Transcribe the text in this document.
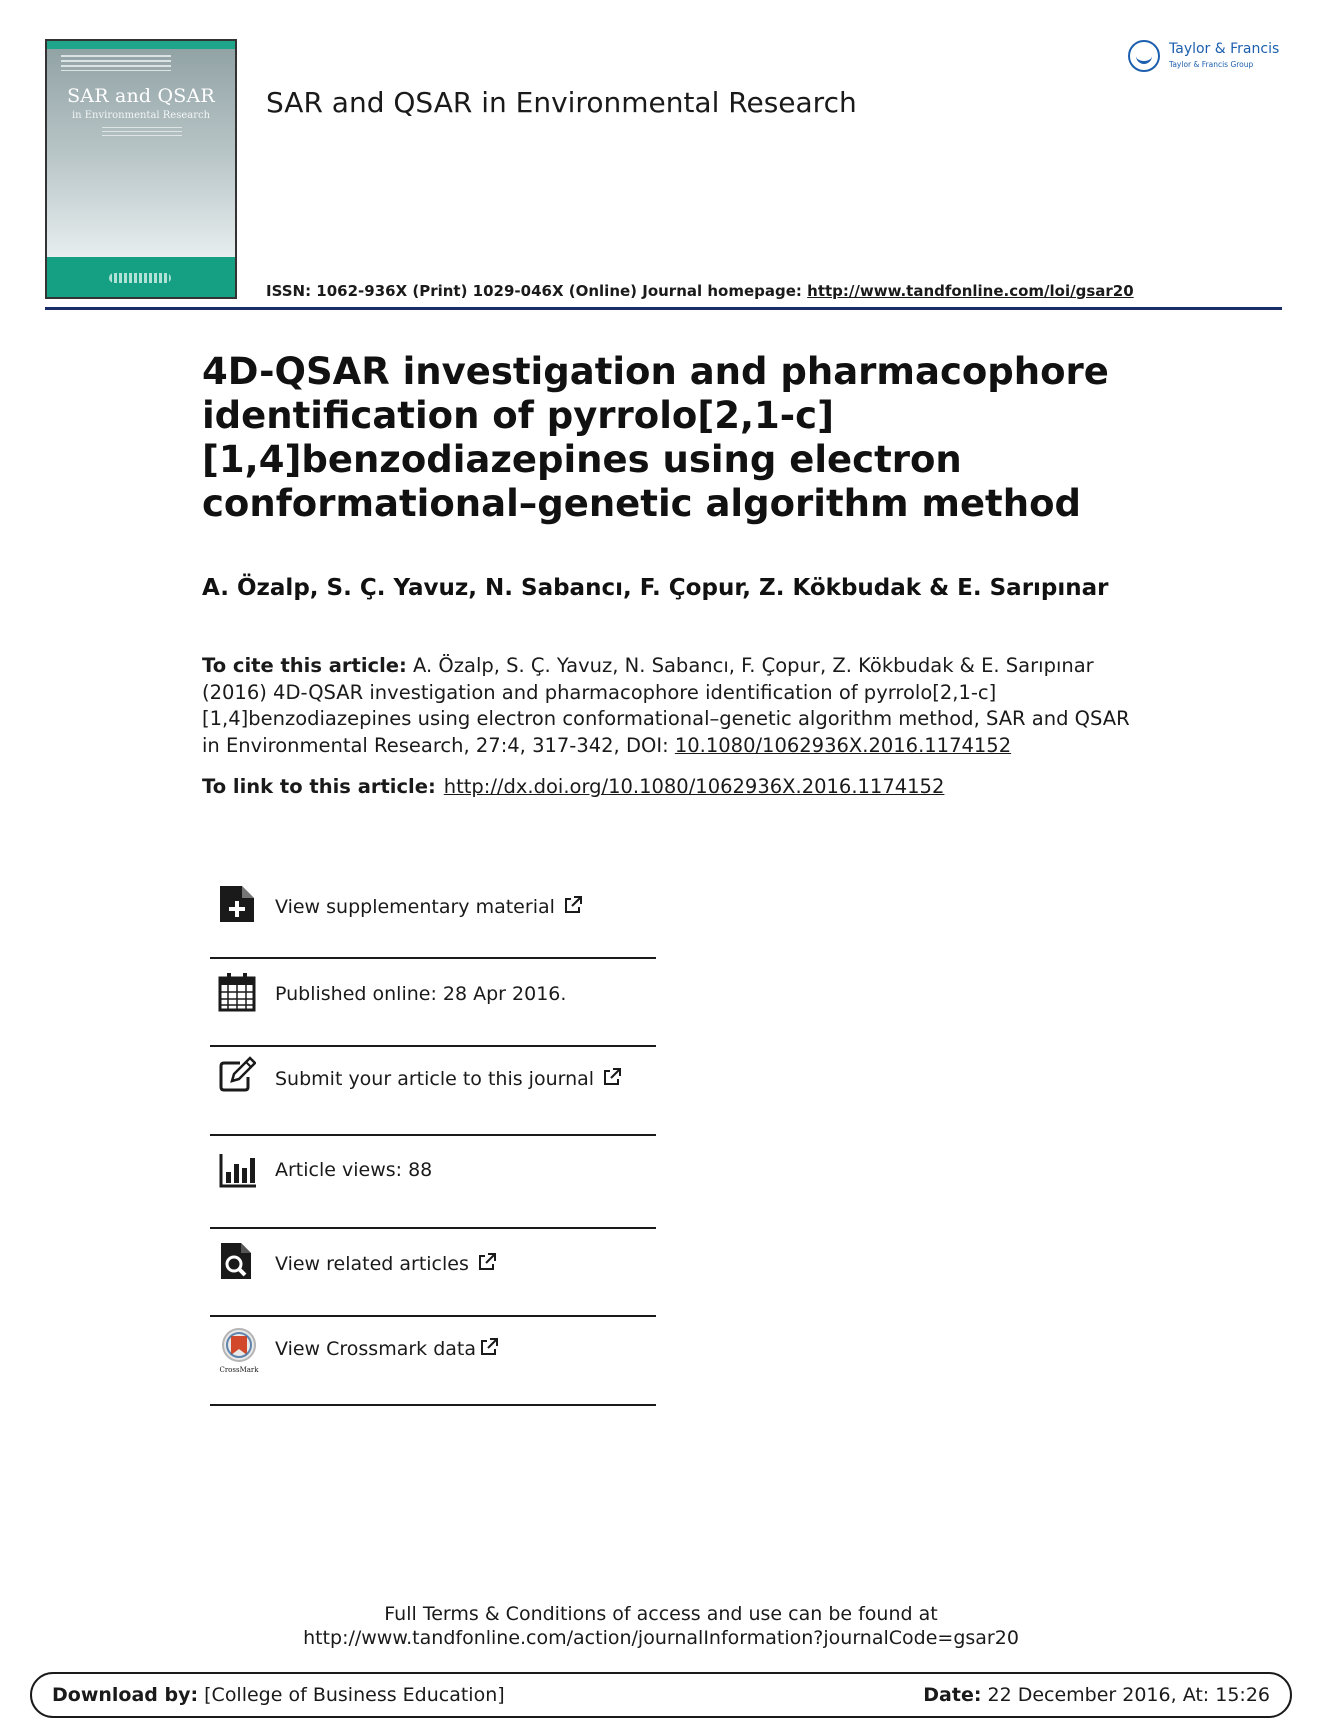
SAR and QSAR
in Environmental Research	SAR and QSAR in Environmental Research
ISSN: 1062-936X (Print) 1029-046X (Online) Journal homepage: http://www.tandfonline.com/loi/gsar20
Taylor & Francis
Taylor & Francis Group
4D-QSAR investigation and pharmacophore identification of pyrrolo[2,1-c][1,4]benzodiazepines using electron conformational–genetic algorithm method
A. Özalp, S. Ç. Yavuz, N. Sabancı, F. Çopur, Z. Kökbudak & E. Sarıpınar
To cite this article: A. Özalp, S. Ç. Yavuz, N. Sabancı, F. Çopur, Z. Kökbudak & E. Sarıpınar (2016) 4D-QSAR investigation and pharmacophore identification of pyrrolo[2,1-c][1,4]benzodiazepines using electron conformational–genetic algorithm method, SAR and QSAR in Environmental Research, 27:4, 317-342, DOI: 10.1080/1062936X.2016.1174152
To link to this article: http://dx.doi.org/10.1080/1062936X.2016.1174152
View supplementary material
Published online: 28 Apr 2016.
Submit your article to this journal
Article views: 88
View related articles
CrossMark
View Crossmark data
Full Terms & Conditions of access and use can be found at
http://www.tandfonline.com/action/journalInformation?journalCode=gsar20
Download by: [College of Business Education]	Date: 22 December 2016, At: 15:26
